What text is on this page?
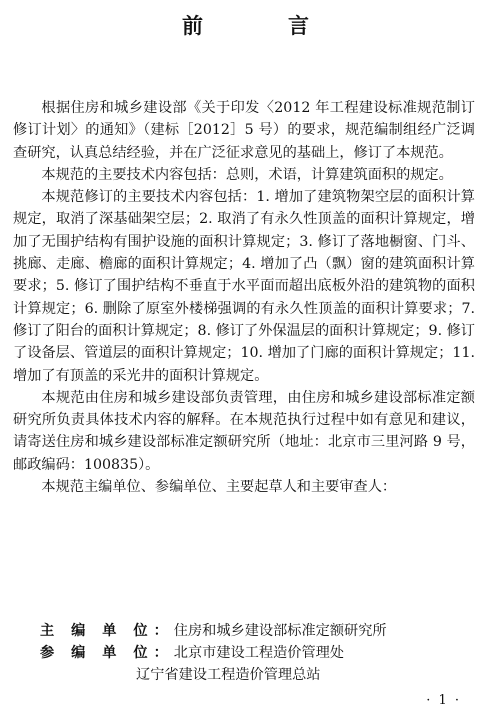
前　言

根据住房和城乡建设部《关于印发〈2012 年工程建设标准规范制订修订计划〉的通知》（建标［2012］5 号）的要求，规范编制组经广泛调查研究，认真总结经验，并在广泛征求意见的基础上，修订了本规范。

本规范的主要技术内容包括：总则，术语，计算建筑面积的规定。

本规范修订的主要技术内容包括：1. 增加了建筑物架空层的面积计算规定，取消了深基础架空层；2. 取消了有永久性顶盖的面积计算规定，增加了无围护结构有围护设施的面积计算规定；3. 修订了落地橱窗、门斗、挑廊、走廊、檐廊的面积计算规定；4. 增加了凸（飘）窗的建筑面积计算要求；5. 修订了围护结构不垂直于水平面而超出底板外沿的建筑物的面积计算规定；6. 删除了原室外楼梯强调的有永久性顶盖的面积计算要求；7. 修订了阳台的面积计算规定；8. 修订了外保温层的面积计算规定；9. 修订了设备层、管道层的面积计算规定；10. 增加了门廊的面积计算规定；11. 增加了有顶盖的采光井的面积计算规定。

本规范由住房和城乡建设部负责管理，由住房和城乡建设部标准定额研究所负责具体技术内容的解释。在本规范执行过程中如有意见和建议，请寄送住房和城乡建设部标准定额研究所（地址：北京市三里河路 9 号，邮政编码：100835）。

本规范主编单位、参编单位、主要起草人和主要审查人：

主 编 单 位：住房和城乡建设部标准定额研究所
参 编 单 位：北京市建设工程造价管理处
辽宁省建设工程造价管理总站
· 1 ·
